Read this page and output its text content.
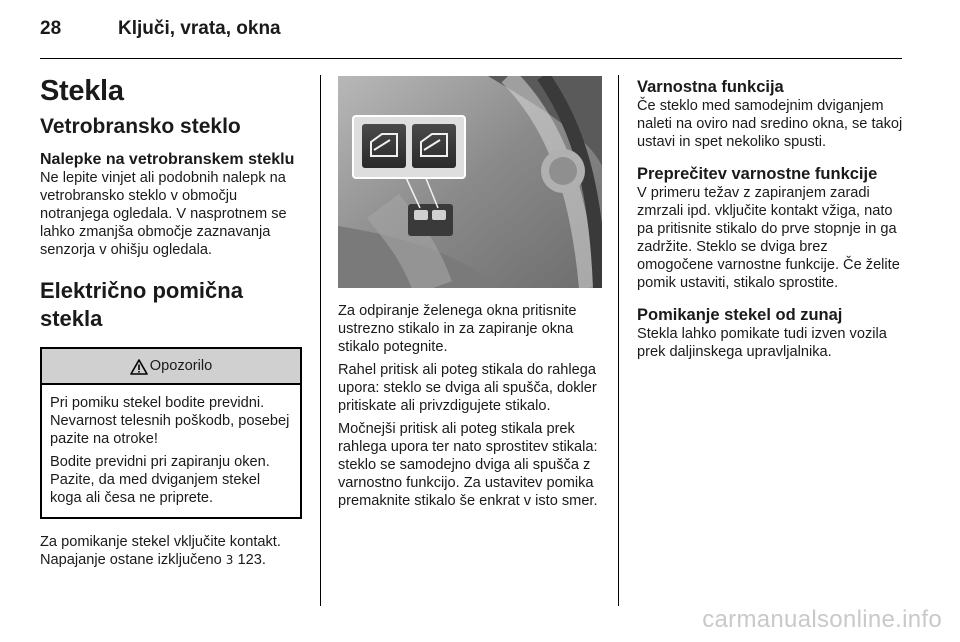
28	Ključi, vrata, okna
Stekla
Vetrobransko steklo
Nalepke na vetrobranskem steklu

Ne lepite vinjet ali podobnih nalepk na vetrobransko steklo v območju notranjega ogledala. V nasprotnem se lahko zmanjša območje zaznavanja senzorja v ohišju ogledala.

Električno pomična stekla
Opozorilo

Pri pomiku stekel bodite previdni. Nevarnost telesnih poškodb, posebej pazite na otroke!

Bodite previdni pri zapiranju oken. Pazite, da med dviganjem stekel koga ali česa ne priprete.

Za pomikanje stekel vključite kontakt. Napajanje ostane izključeno 3 123.

Za odpiranje želenega okna pritisnite ustrezno stikalo in za zapiranje okna stikalo potegnite.

Rahel pritisk ali poteg stikala do rahlega upora: steklo se dviga ali spušča, dokler pritiskate ali privzdigujete stikalo.

Močnejši pritisk ali poteg stikala prek rahlega upora ter nato sprostitev stikala: steklo se samodejno dviga ali spušča z varnostno funkcijo. Za ustavitev pomika premaknite stikalo še enkrat v isto smer.

Varnostna funkcija

Če steklo med samodejnim dviganjem naleti na oviro nad sredino okna, se takoj ustavi in spet nekoliko spusti.

Preprečitev varnostne funkcije

V primeru težav z zapiranjem zaradi zmrzali ipd. vključite kontakt vžiga, nato pa pritisnite stikalo do prve stopnje in ga zadržite. Steklo se dviga brez omogočene varnostne funkcije. Če želite pomik ustaviti, stikalo sprostite.

Pomikanje stekel od zunaj

Stekla lahko pomikate tudi izven vozila prek daljinskega upravljalnika.

carmanualsonline.info
